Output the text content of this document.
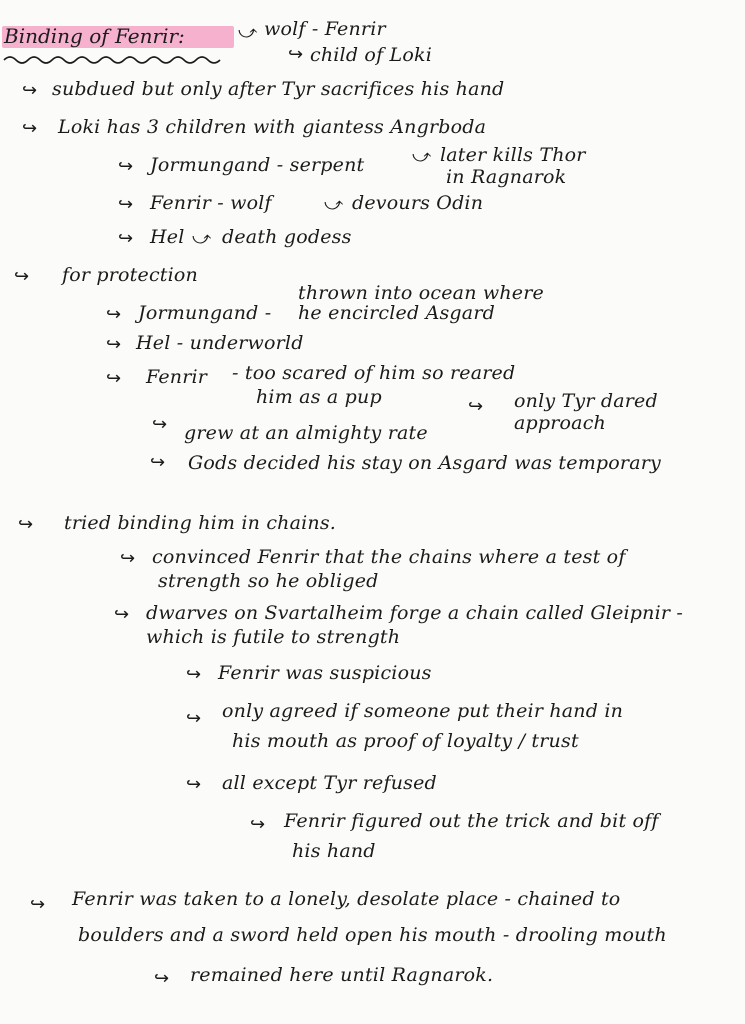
Binding of Fenrir:	⤻ wolf - Fenrir
↪ child of Loki
↪ subdued but only after Tyr sacrifices his hand
↪ Loki has 3 children with giantess Angrboda
↪ Jormungand - serpent	⤻ later kills Thor
in Ragnarok
↪ Fenrir - wolf	⤻ devours Odin
↪ Hel ⤻ death godess
↪ for protection
↪ Jormungand -
thrown into ocean where
he encircled Asgard
↪ Hel - underworld
↪ Fenrir - too scared of him so reared
him as a pup	↪ only Tyr dared
approach
↪ grew at an almighty rate
↪ Gods decided his stay on Asgard was temporary
↪ tried binding him in chains.
↪ convinced Fenrir that the chains where a test of
strength so he obliged
↪ dwarves on Svartalheim forge a chain called Gleipnir -
which is futile to strength
↪ Fenrir was suspicious
↪ only agreed if someone put their hand in
his mouth as proof of loyalty / trust
↪ all except Tyr refused
↪ Fenrir figured out the trick and bit off
his hand
↪ Fenrir was taken to a lonely, desolate place - chained to
boulders and a sword held open his mouth - drooling mouth
↪ remained here until Ragnarok.
